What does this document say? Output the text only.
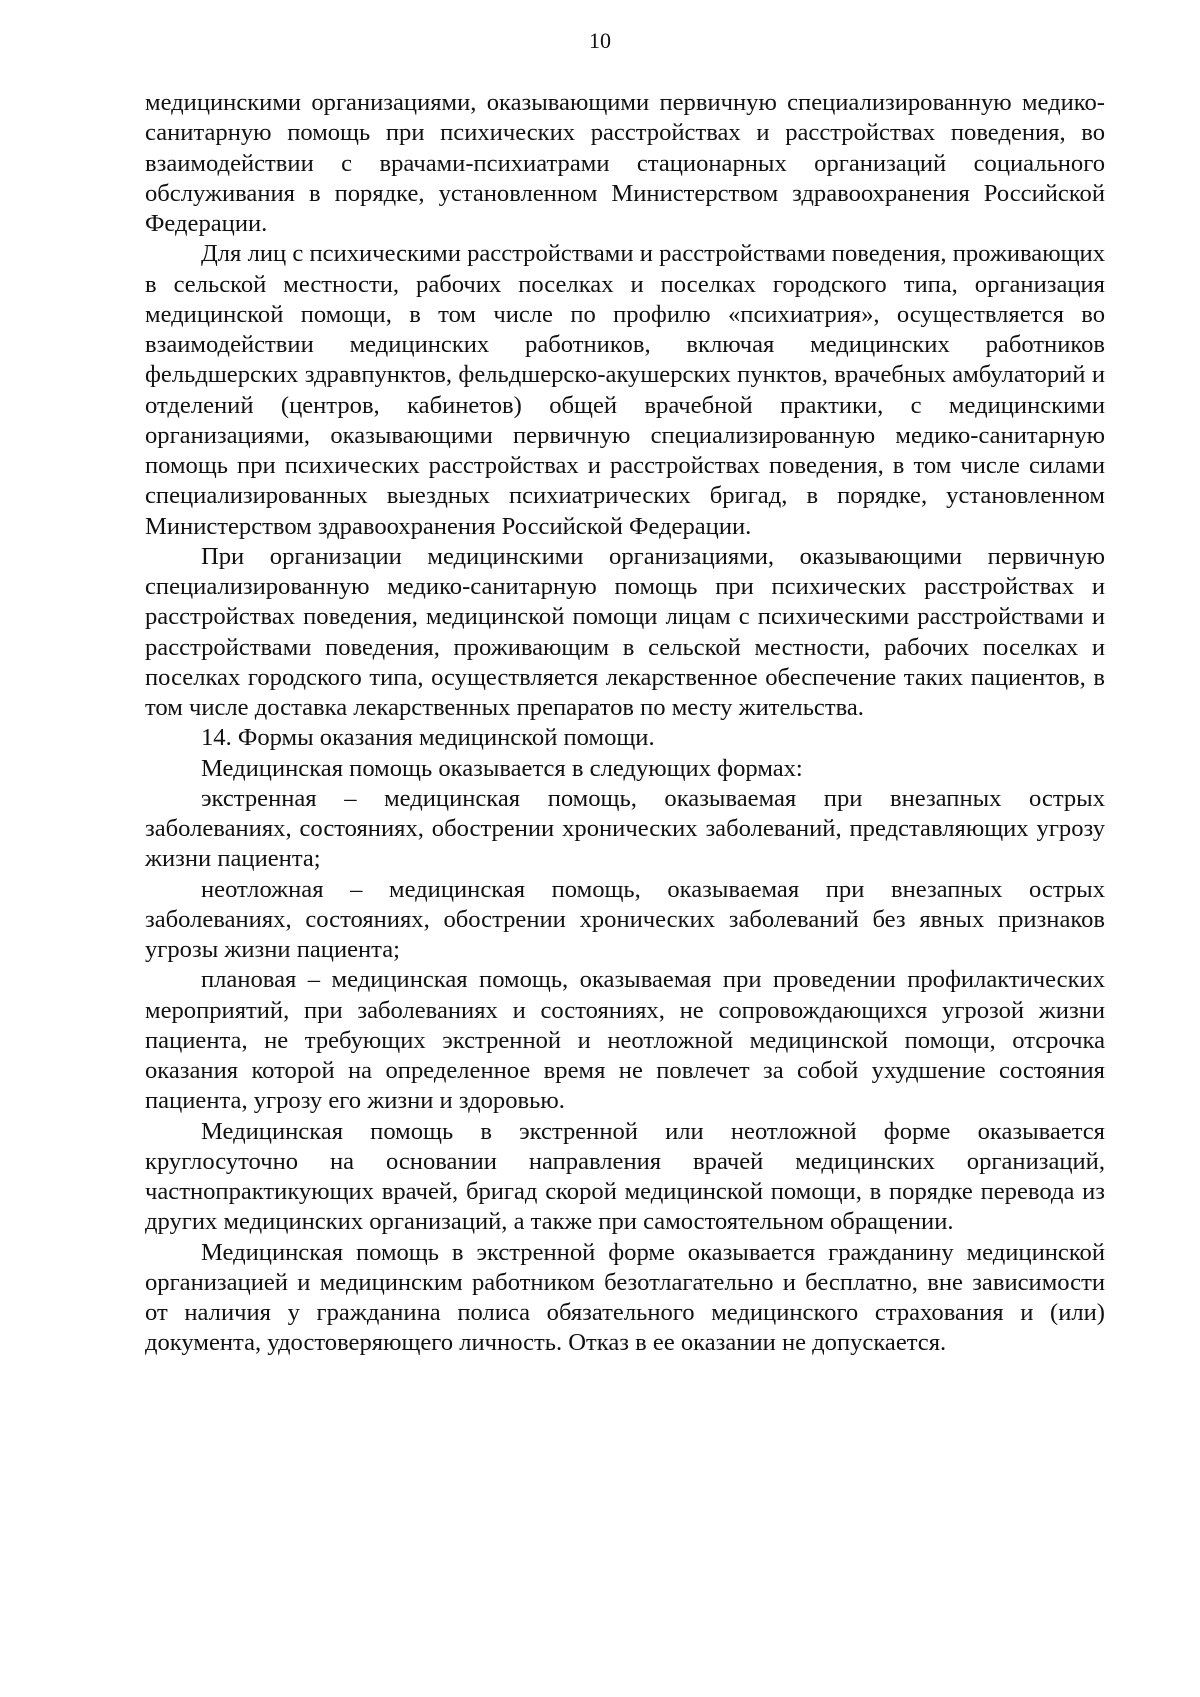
10

медицинскими организациями, оказывающими первичную специализированную медико-санитарную помощь при психических расстройствах и расстройствах поведения, во взаимодействии с врачами-психиатрами стационарных организаций социального обслуживания в порядке, установленном Министерством здравоохранения Российской Федерации.

Для лиц с психическими расстройствами и расстройствами поведения, проживающих в сельской местности, рабочих поселках и поселках городского типа, организация медицинской помощи, в том числе по профилю «психиатрия», осуществляется во взаимодействии медицинских работников, включая медицинских работников фельдшерских здравпунктов, фельдшерско-акушерских пунктов, врачебных амбулаторий и отделений (центров, кабинетов) общей врачебной практики, с медицинскими организациями, оказывающими первичную специализированную медико-санитарную помощь при психических расстройствах и расстройствах поведения, в том числе силами специализированных выездных психиатрических бригад, в порядке, установленном Министерством здравоохранения Российской Федерации.

При организации медицинскими организациями, оказывающими первичную специализированную медико-санитарную помощь при психических расстройствах и расстройствах поведения, медицинской помощи лицам с психическими расстройствами и расстройствами поведения, проживающим в сельской местности, рабочих поселках и поселках городского типа, осуществляется лекарственное обеспечение таких пациентов, в том числе доставка лекарственных препаратов по месту жительства.

14. Формы оказания медицинской помощи.

Медицинская помощь оказывается в следующих формах:

экстренная – медицинская помощь, оказываемая при внезапных острых заболеваниях, состояниях, обострении хронических заболеваний, представляющих угрозу жизни пациента;

неотложная – медицинская помощь, оказываемая при внезапных острых заболеваниях, состояниях, обострении хронических заболеваний без явных признаков угрозы жизни пациента;

плановая – медицинская помощь, оказываемая при проведении профилактических мероприятий, при заболеваниях и состояниях, не сопровождающихся угрозой жизни пациента, не требующих экстренной и неотложной медицинской помощи, отсрочка оказания которой на определенное время не повлечет за собой ухудшение состояния пациента, угрозу его жизни и здоровью.

Медицинская помощь в экстренной или неотложной форме оказывается круглосуточно на основании направления врачей медицинских организаций, частнопрактикующих врачей, бригад скорой медицинской помощи, в порядке перевода из других медицинских организаций, а также при самостоятельном обращении.

Медицинская помощь в экстренной форме оказывается гражданину медицинской организацией и медицинским работником безотлагательно и бесплатно, вне зависимости от наличия у гражданина полиса обязательного медицинского страхования и (или) документа, удостоверяющего личность. Отказ в ее оказании не допускается.
